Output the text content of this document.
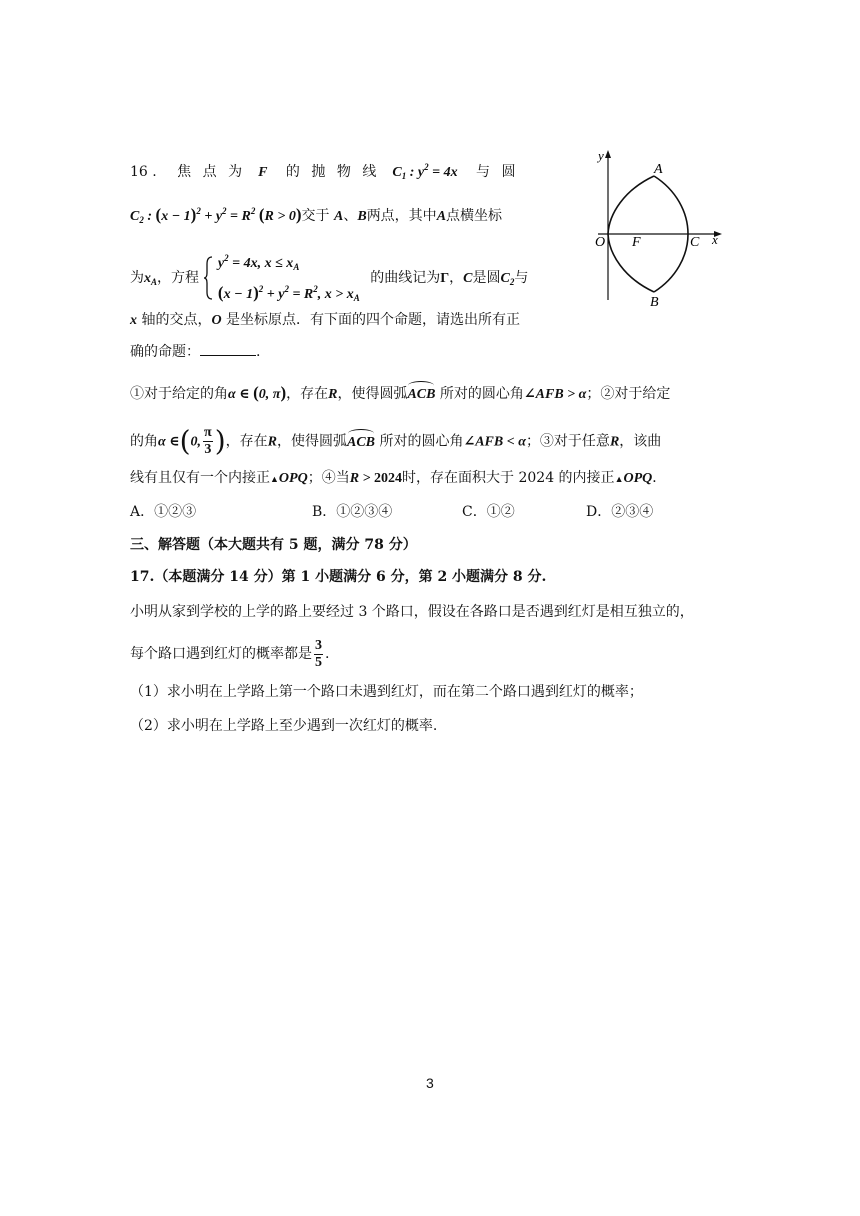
16 . 焦点为 F 的抛物线 $C_1$ : $y^2 = 4x$ 与圆
$C_2$ : $(x - 1)^2 + y^2 = R^2$ (R > 0)交于 A、B两点，其中A点横坐标
为$x_A$，方程
$y^2 = 4x$, $x \le x_A$
$(x - 1)^2 + y^2 = R^2$, $x > x_A$
的曲线记为Γ，C是圆$C_2$与
x 轴的交点，O 是坐标原点．有下面的四个命题，请选出所有正
确的命题：	.
①对于给定的角α ∈ (0, π)，存在R，使得圆弧ACB 所对的圆心角∠AFB > α；②对于给定
的角α ∈(0, $\frac{\pi}{3}$ )，存在R，使得圆弧ACB 所对的圆心角∠AFB < α；③对于任意R，该曲
线有且仅有一个内接正▲OPQ；④当R > 2024时，存在面积大于 2024 的内接正▲OPQ．
A．①②③	B．①②③④	C．①②	D．②③④
y
A
O F	C x
B
三、解答题（本大题共有 5 题，满分 78 分）
17.（本题满分 14 分）第 1 小题满分 6 分，第 2 小题满分 8 分.
小明从家到学校的上学的路上要经过 3 个路口，假设在各路口是否遇到红灯是相互独立的，
每个路口遇到红灯的概率都是 $\frac{3}{5}$ .
（1）求小明在上学路上第一个路口未遇到红灯，而在第二个路口遇到红灯的概率；
（2）求小明在上学路上至少遇到一次红灯的概率.
3
